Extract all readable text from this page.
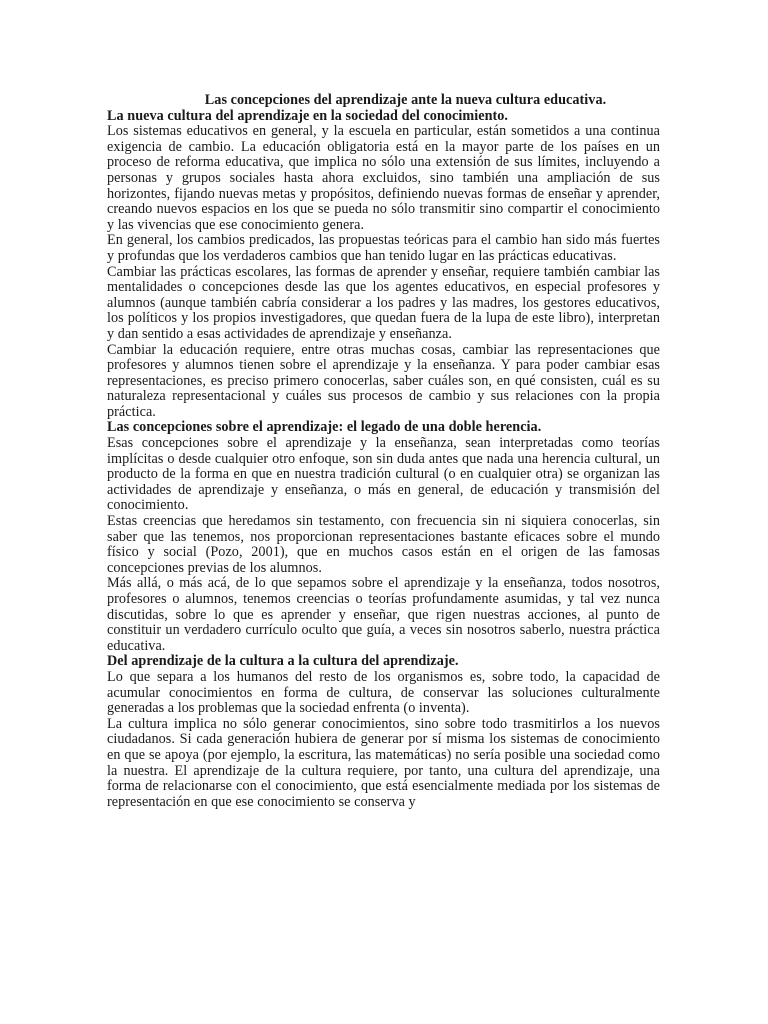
Las concepciones del aprendizaje ante la nueva cultura educativa.

La nueva cultura del aprendizaje en la sociedad del conocimiento.

Los sistemas educativos en general, y la escuela en particular, están sometidos a una continua exigencia de cambio. La educación obligatoria está en la mayor parte de los países en un proceso de reforma educativa, que implica no sólo una extensión de sus límites, incluyendo a personas y grupos sociales hasta ahora excluidos, sino también una ampliación de sus horizontes, fijando nuevas metas y propósitos, definiendo nuevas formas de enseñar y aprender, creando nuevos espacios en los que se pueda no sólo transmitir sino compartir el conocimiento y las vivencias que ese conocimiento genera.

En general, los cambios predicados, las propuestas teóricas para el cambio han sido más fuertes y profundas que los verdaderos cambios que han tenido lugar en las prácticas educativas.

Cambiar las prácticas escolares, las formas de aprender y enseñar, requiere también cambiar las mentalidades o concepciones desde las que los agentes educativos, en especial profesores y alumnos (aunque también cabría considerar a los padres y las madres, los gestores educativos, los políticos y los propios investigadores, que quedan fuera de la lupa de este libro), interpretan y dan sentido a esas actividades de aprendizaje y enseñanza.

Cambiar la educación requiere, entre otras muchas cosas, cambiar las representaciones que profesores y alumnos tienen sobre el aprendizaje y la enseñanza. Y para poder cambiar esas representaciones, es preciso primero conocerlas, saber cuáles son, en qué consisten, cuál es su naturaleza representacional y cuáles sus procesos de cambio y sus relaciones con la propia práctica.

Las concepciones sobre el aprendizaje: el legado de una doble herencia.

Esas concepciones sobre el aprendizaje y la enseñanza, sean interpretadas como teorías implícitas o desde cualquier otro enfoque, son sin duda antes que nada una herencia cultural, un producto de la forma en que en nuestra tradición cultural (o en cualquier otra) se organizan las actividades de aprendizaje y enseñanza, o más en general, de educación y transmisión del conocimiento.

Estas creencias que heredamos sin testamento, con frecuencia sin ni siquiera conocerlas, sin saber que las tenemos, nos proporcionan representaciones bastante eficaces sobre el mundo físico y social (Pozo, 2001), que en muchos casos están en el origen de las famosas concepciones previas de los alumnos.

Más allá, o más acá, de lo que sepamos sobre el aprendizaje y la enseñanza, todos nosotros, profesores o alumnos, tenemos creencias o teorías profundamente asumidas, y tal vez nunca discutidas, sobre lo que es aprender y enseñar, que rigen nuestras acciones, al punto de constituir un verdadero currículo oculto que guía, a veces sin nosotros saberlo, nuestra práctica educativa.

Del aprendizaje de la cultura a la cultura del aprendizaje.

Lo que separa a los humanos del resto de los organismos es, sobre todo, la capacidad de acumular conocimientos en forma de cultura, de conservar las soluciones culturalmente generadas a los problemas que la sociedad enfrenta (o inventa).

La cultura implica no sólo generar conocimientos, sino sobre todo trasmitirlos a los nuevos ciudadanos. Si cada generación hubiera de generar por sí misma los sistemas de conocimiento en que se apoya (por ejemplo, la escritura, las matemáticas) no sería posible una sociedad como la nuestra. El aprendizaje de la cultura requiere, por tanto, una cultura del aprendizaje, una forma de relacionarse con el conocimiento, que está esencialmente mediada por los sistemas de representación en que ese conocimiento se conserva y
